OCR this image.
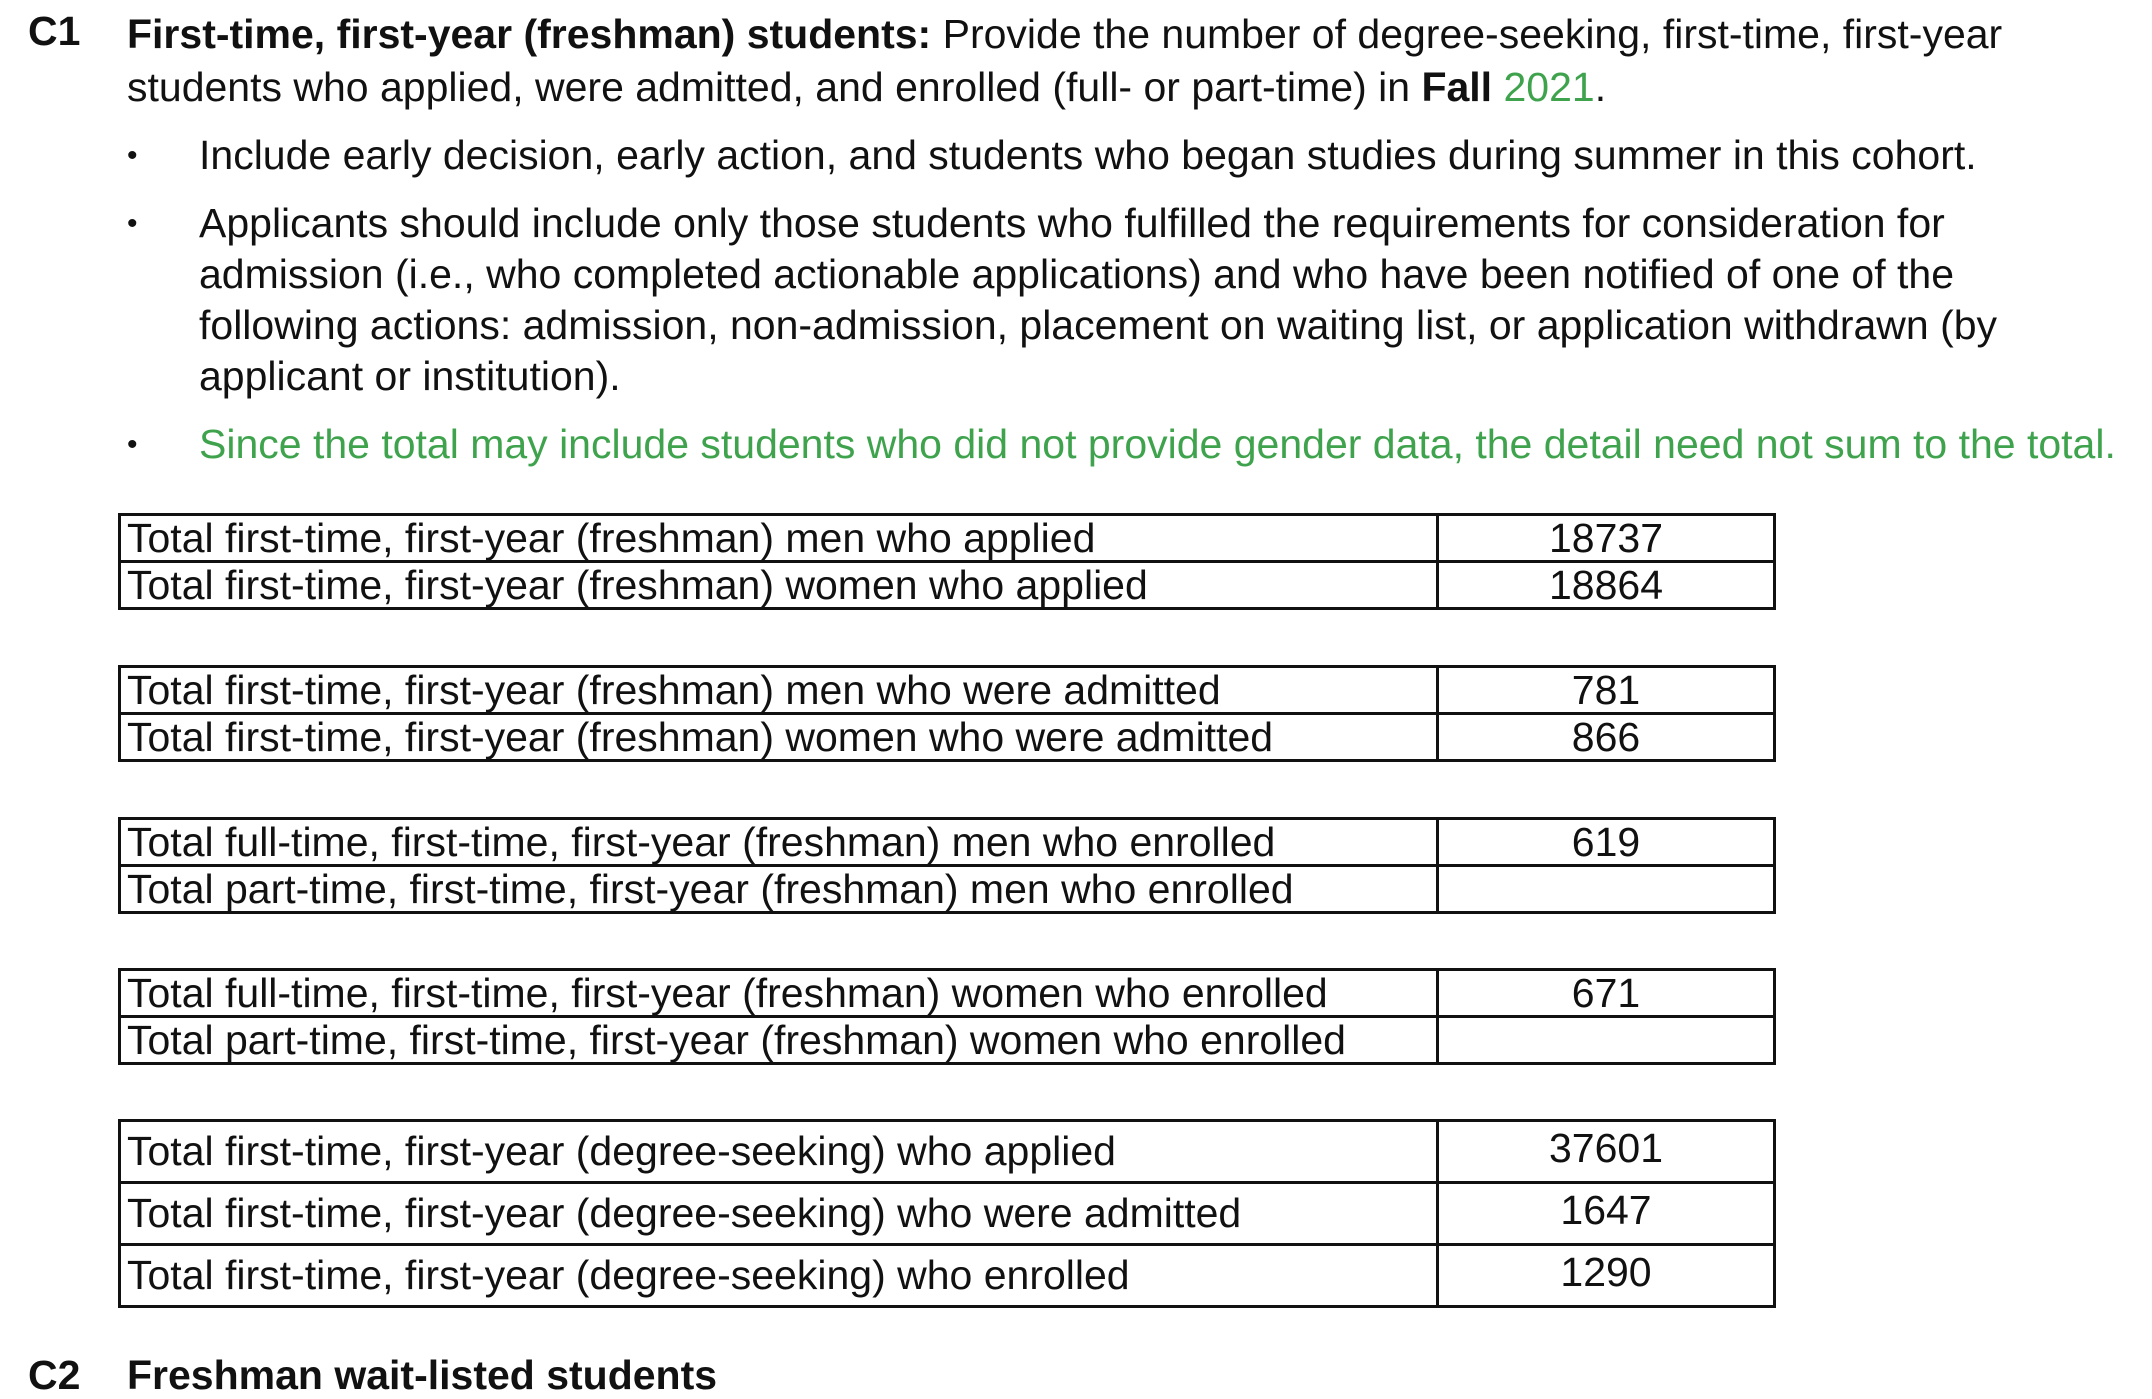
C1 First-time, first-year (freshman) students: Provide the number of degree-seeking, first-time, first-year students who applied, were admitted, and enrolled (full- or part-time) in Fall 2021.
• Include early decision, early action, and students who began studies during summer in this cohort.
• Applicants should include only those students who fulfilled the requirements for consideration for admission (i.e., who completed actionable applications) and who have been notified of one of the following actions: admission, non-admission, placement on waiting list, or application withdrawn (by applicant or institution).
• Since the total may include students who did not provide gender data, the detail need not sum to the total.
Total first-time, first-year (freshman) men who applied	18737
Total first-time, first-year (freshman) women who applied	18864
Total first-time, first-year (freshman) men who were admitted	781
Total first-time, first-year (freshman) women who were admitted	866
Total full-time, first-time, first-year (freshman) men who enrolled	619
Total part-time, first-time, first-year (freshman) men who enrolled	
Total full-time, first-time, first-year (freshman) women who enrolled	671
Total part-time, first-time, first-year (freshman) women who enrolled	
Total first-time, first-year (degree-seeking) who applied	37601
Total first-time, first-year (degree-seeking) who were admitted	1647
Total first-time, first-year (degree-seeking) who enrolled	1290
C2 Freshman wait-listed students
